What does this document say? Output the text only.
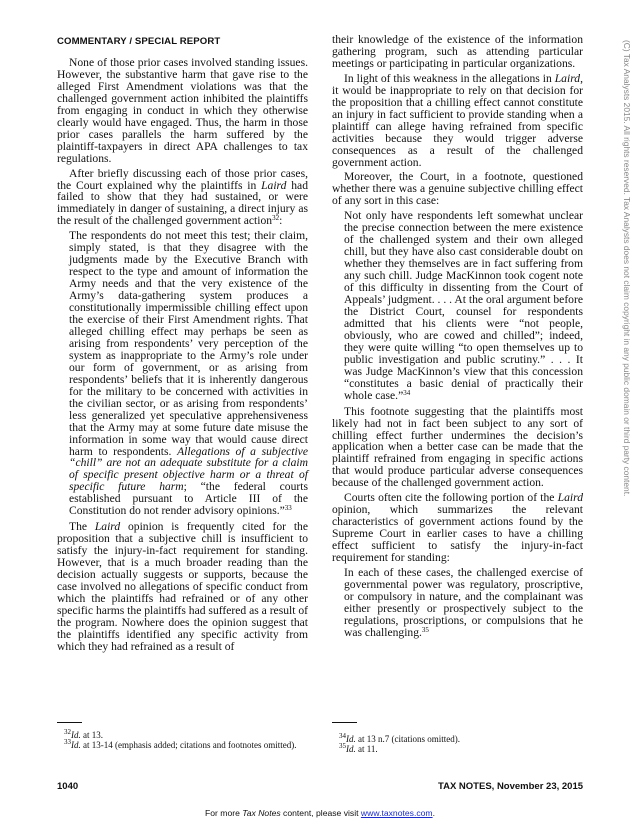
COMMENTARY / SPECIAL REPORT

None of those prior cases involved standing issues. However, the substantive harm that gave rise to the alleged First Amendment violations was that the challenged government action inhibited the plaintiffs from engaging in conduct in which they otherwise clearly would have engaged. Thus, the harm in those prior cases parallels the harm suffered by the plaintiff-taxpayers in direct APA challenges to tax regulations.

After briefly discussing each of those prior cases, the Court explained why the plaintiffs in Laird had failed to show that they had sustained, or were immediately in danger of sustaining, a direct injury as the result of the challenged government action$^{32}$:

The respondents do not meet this test; their claim, simply stated, is that they disagree with the judgments made by the Executive Branch with respect to the type and amount of information the Army needs and that the very existence of the Army’s data-gathering system produces a constitutionally impermissible chilling effect upon the exercise of their First Amendment rights. That alleged chilling effect may perhaps be seen as arising from respondents’ very perception of the system as inappropriate to the Army’s role under our form of government, or as arising from respondents’ beliefs that it is inherently dangerous for the military to be concerned with activities in the civilian sector, or as arising from respondents’ less generalized yet speculative apprehensiveness that the Army may at some future date misuse the information in some way that would cause direct harm to respondents. Allegations of a subjective “chill” are not an adequate substitute for a claim of specific present objective harm or a threat of specific future harm; “the federal courts established pursuant to Article III of the Constitution do not render advisory opinions.”$^{33}$

The Laird opinion is frequently cited for the proposition that a subjective chill is insufficient to satisfy the injury-in-fact requirement for standing. However, that is a much broader reading than the decision actually suggests or supports, because the case involved no allegations of specific conduct from which the plaintiffs had refrained or of any other specific harms the plaintiffs had suffered as a result of the program. Nowhere does the opinion suggest that the plaintiffs identified any specific activity from which they had refrained as a result of

their knowledge of the existence of the information gathering program, such as attending particular meetings or participating in particular organizations.

In light of this weakness in the allegations in Laird, it would be inappropriate to rely on that decision for the proposition that a chilling effect cannot constitute an injury in fact sufficient to provide standing when a plaintiff can allege having refrained from specific activities because they would trigger adverse consequences as a result of the challenged government action.

Moreover, the Court, in a footnote, questioned whether there was a genuine subjective chilling effect of any sort in this case:

Not only have respondents left somewhat unclear the precise connection between the mere existence of the challenged system and their own alleged chill, but they have also cast considerable doubt on whether they themselves are in fact suffering from any such chill. Judge MacKinnon took cogent note of this difficulty in dissenting from the Court of Appeals’ judgment. . . . At the oral argument before the District Court, counsel for respondents admitted that his clients were “not people, obviously, who are cowed and chilled”; indeed, they were quite willing “to open themselves up to public investigation and public scrutiny.” . . . It was Judge MacKinnon’s view that this concession “constitutes a basic denial of practically their whole case.”$^{34}$

This footnote suggesting that the plaintiffs most likely had not in fact been subject to any sort of chilling effect further undermines the decision’s application when a better case can be made that the plaintiff refrained from engaging in specific actions that would produce particular adverse consequences because of the challenged government action.

Courts often cite the following portion of the Laird opinion, which summarizes the relevant characteristics of government actions found by the Supreme Court in earlier cases to have a chilling effect sufficient to satisfy the injury-in-fact requirement for standing:

In each of these cases, the challenged exercise of governmental power was regulatory, proscriptive, or compulsory in nature, and the complainant was either presently or prospectively subject to the regulations, proscriptions, or compulsions that he was challenging.$^{35}$

$^{32}$Id. at 13.
$^{33}$Id. at 13-14 (emphasis added; citations and footnotes omitted).
$^{34}$Id. at 13 n.7 (citations omitted).
$^{35}$Id. at 11.
1040	TAX NOTES, November 23, 2015
For more Tax Notes content, please visit www.taxnotes.com.
(C) Tax Analysts 2015. All rights reserved. Tax Analysts does not claim copyright in any public domain or third party content.
